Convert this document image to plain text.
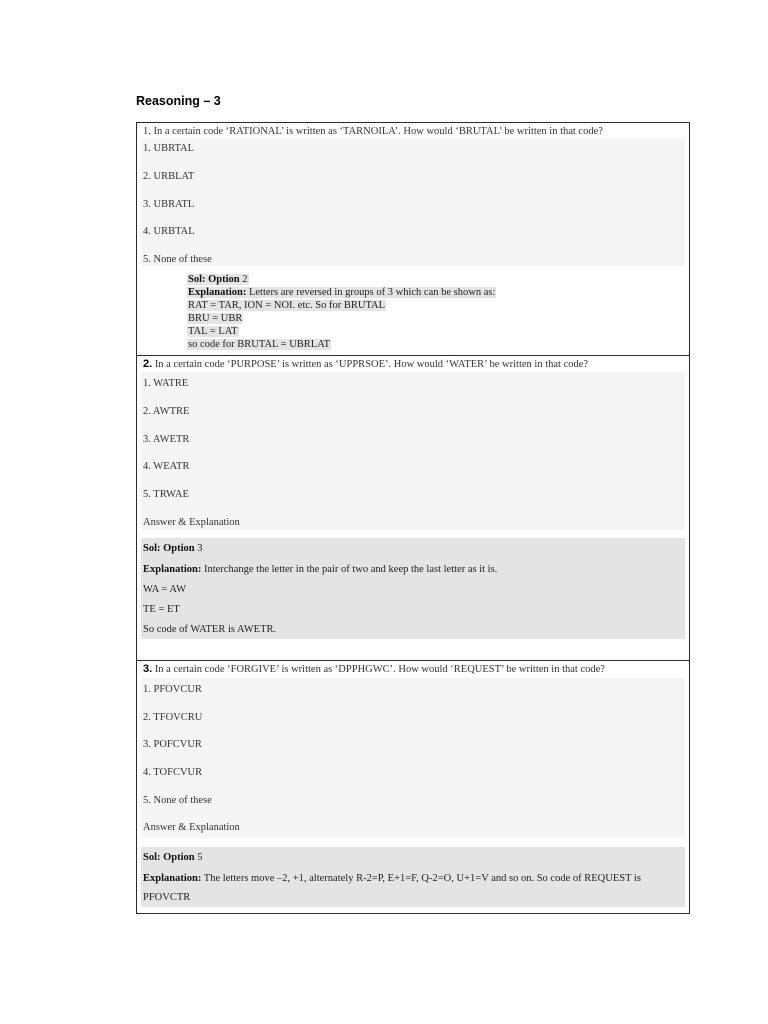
Reasoning – 3
1. In a certain code ‘RATIONAL’ is written as ‘TARNOILA’. How would ‘BRUTAL’ be written in that code?
1. UBRTAL
2. URBLAT
3. UBRATL
4. URBTAL
5. None of these
Sol: Option 2
Explanation: Letters are reversed in groups of 3 which can be shown as:
RAT = TAR, ION = NOI. etc. So for BRUTAL
BRU = UBR
TAL = LAT
so code for BRUTAL = UBRLAT
2. In a certain code ‘PURPOSE’ is written as ‘UPPRSOE’. How would ‘WATER’ be written in that code?
1. WATRE
2. AWTRE
3. AWETR
4. WEATR
5. TRWAE
Answer & Explanation
Sol: Option 3
Explanation: Interchange the letter in the pair of two and keep the last letter as it is.
WA = AW
TE = ET
So code of WATER is AWETR.
3. In a certain code ‘FORGIVE’ is written as ‘DPPHGWC’. How would ‘REQUEST’ be written in that code?
1. PFOVCUR
2. TFOVCRU
3. POFCVUR
4. TOFCVUR
5. None of these
Answer & Explanation
Sol: Option 5
Explanation: The letters move –2, +1, alternately R-2=P, E+1=F, Q-2=O, U+1=V and so on. So code of REQUEST is
PFOVCTR
